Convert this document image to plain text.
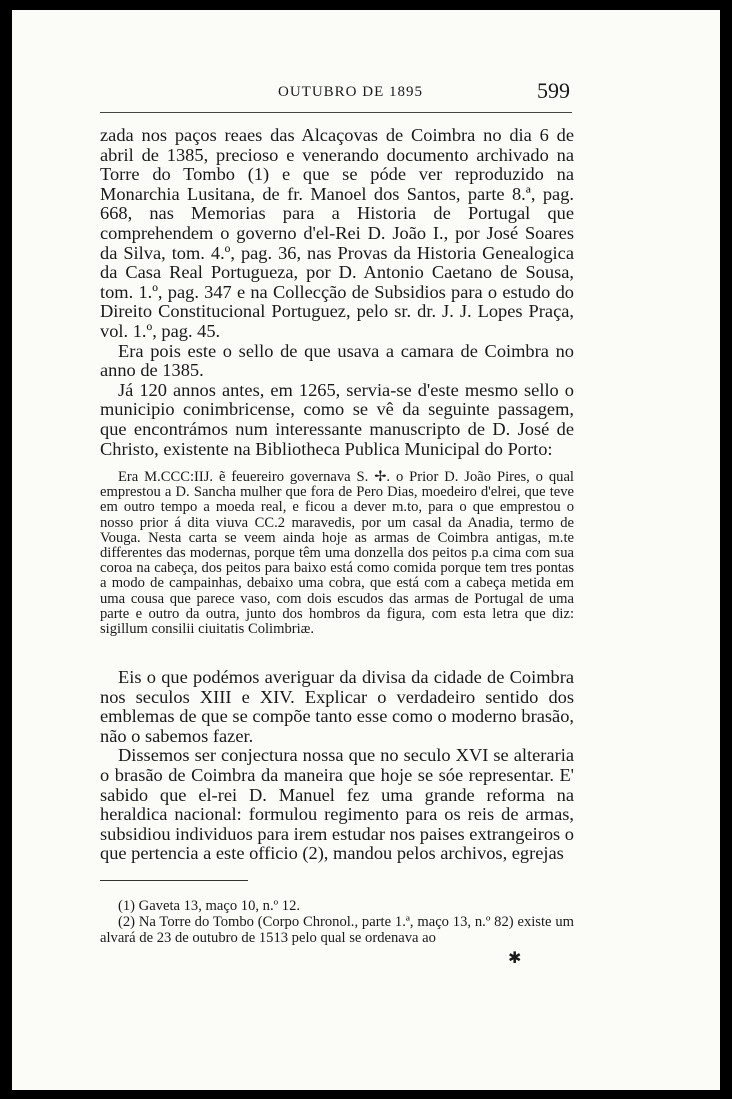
OUTUBRO DE 1895	599

zada nos paços reaes das Alcaçovas de Coimbra no dia 6 de abril de 1385, precioso e venerando documento archivado na Torre do Tombo (1) e que se póde ver reproduzido na Monarchia Lusitana, de fr. Manoel dos Santos, parte 8.ª, pag. 668, nas Memorias para a Historia de Portugal que comprehendem o governo d'el-Rei D. João I., por José Soares da Silva, tom. 4.º, pag. 36, nas Provas da Historia Genealogica da Casa Real Portugueza, por D. Antonio Caetano de Sousa, tom. 1.º, pag. 347 e na Collecção de Subsidios para o estudo do Direito Constitucional Portuguez, pelo sr. dr. J. J. Lopes Praça, vol. 1.º, pag. 45.

Era pois este o sello de que usava a camara de Coimbra no anno de 1385.

Já 120 annos antes, em 1265, servia-se d'este mesmo sello o municipio conimbricense, como se vê da seguinte passagem, que encontrámos num interessante manuscripto de D. José de Christo, existente na Bibliotheca Publica Municipal do Porto:

Era M.CCC:IIJ. ẽ feuereiro governava S. ✢. o Prior D. João Pires, o qual emprestou a D. Sancha mulher que fora de Pero Dias, moedeiro d'elrei, que teve em outro tempo a moeda real, e ficou a dever m.to, para o que emprestou o nosso prior á dita viuva CC.2 maravedis, por um casal da Anadia, termo de Vouga. Nesta carta se veem ainda hoje as armas de Coimbra antigas, m.te differentes das modernas, porque têm uma donzella dos peitos p.a cima com sua coroa na cabeça, dos peitos para baixo está como comida porque tem tres pontas a modo de campainhas, debaixo uma cobra, que está com a cabeça metida em uma cousa que parece vaso, com dois escudos das armas de Portugal de uma parte e outro da outra, junto dos hombros da figura, com esta letra que diz: sigillum consilii ciuitatis Colimbriæ.

Eis o que podémos averiguar da divisa da cidade de Coimbra nos seculos XIII e XIV. Explicar o verdadeiro sentido dos emblemas de que se compõe tanto esse como o moderno brasão, não o sabemos fazer.

Dissemos ser conjectura nossa que no seculo XVI se alteraria o brasão de Coimbra da maneira que hoje se sóe representar. E' sabido que el-rei D. Manuel fez uma grande reforma na heraldica nacional: formulou regimento para os reis de armas, subsidiou individuos para irem estudar nos paises extrangeiros o que pertencia a este officio (2), mandou pelos archivos, egrejas

(1) Gaveta 13, maço 10, n.º 12.

(2) Na Torre do Tombo (Corpo Chronol., parte 1.ª, maço 13, n.º 82) existe um alvará de 23 de outubro de 1513 pelo qual se ordenava ao

✱
